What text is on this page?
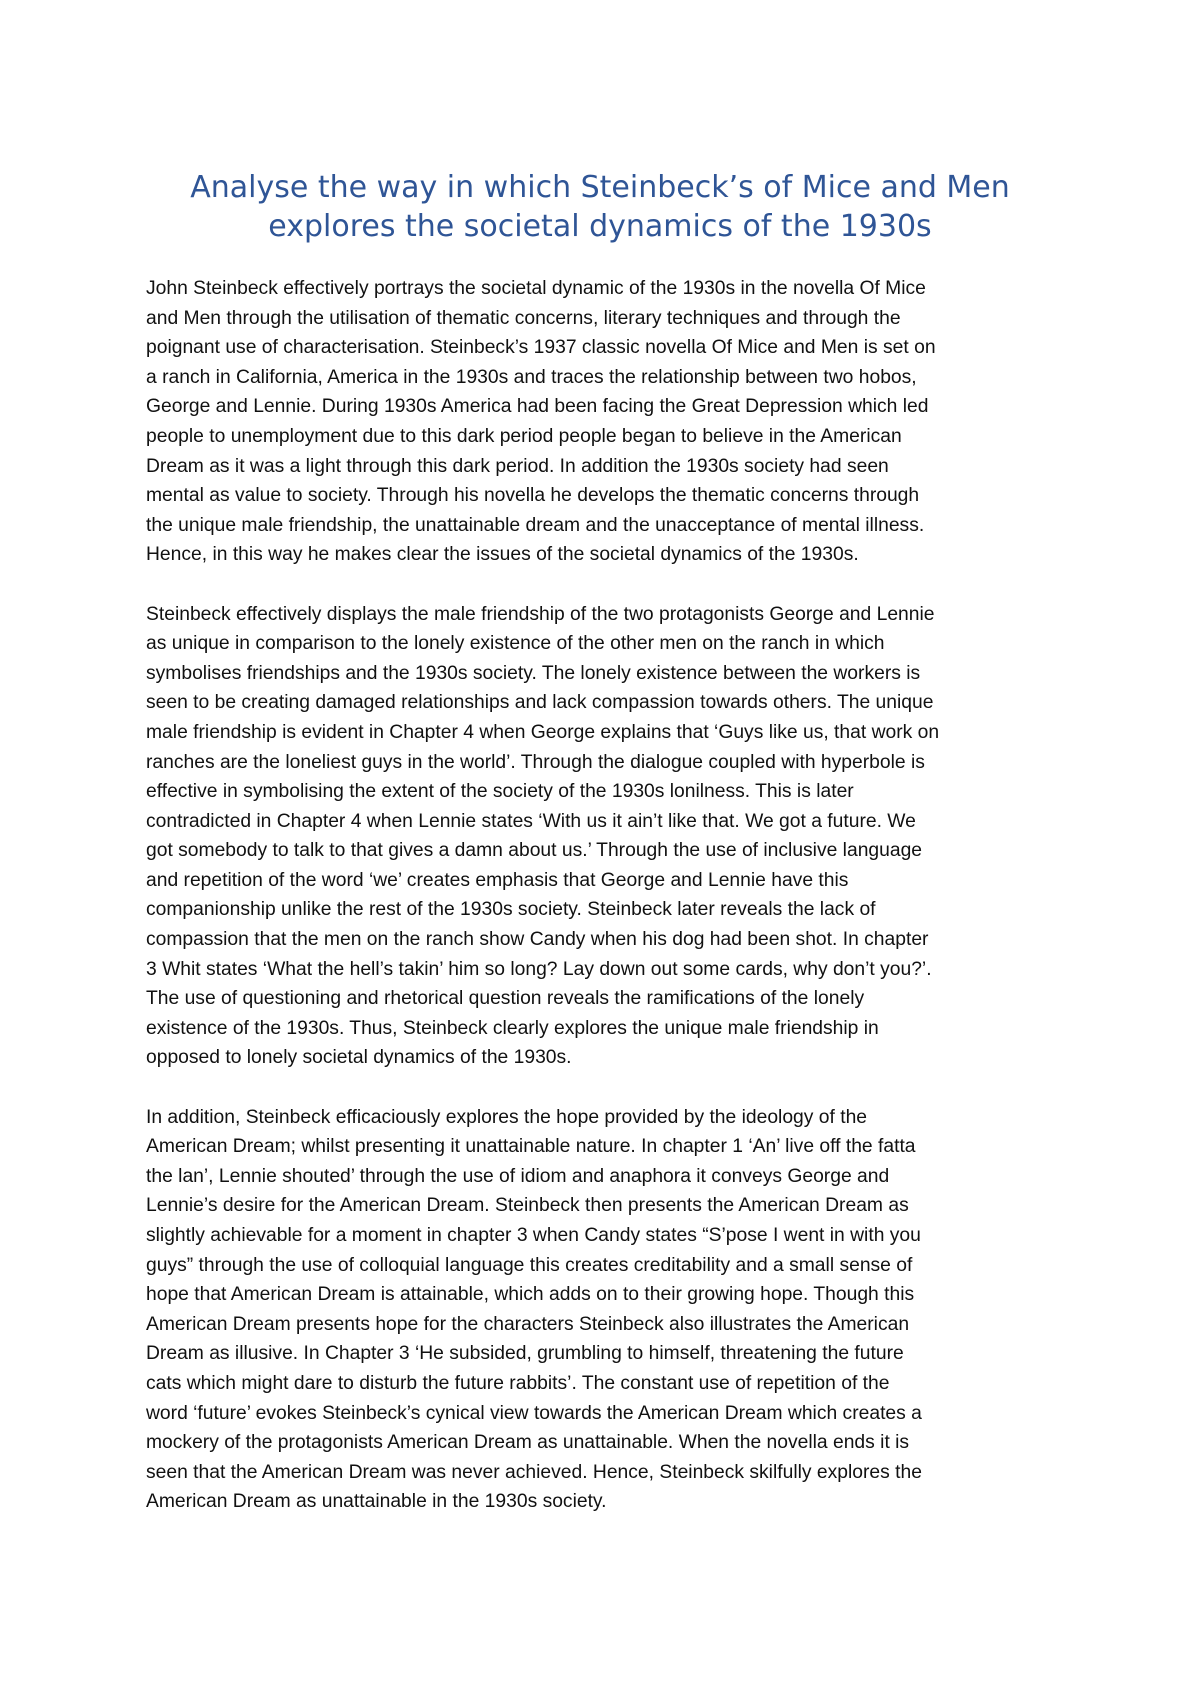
Analyse the way in which Steinbeck’s of Mice and Men
explores the societal dynamics of the 1930s

John Steinbeck effectively portrays the societal dynamic of the 1930s in the novella Of Mice
and Men through the utilisation of thematic concerns, literary techniques and through the
poignant use of characterisation. Steinbeck’s 1937 classic novella Of Mice and Men is set on
a ranch in California, America in the 1930s and traces the relationship between two hobos,
George and Lennie. During 1930s America had been facing the Great Depression which led
people to unemployment due to this dark period people began to believe in the American
Dream as it was a light through this dark period. In addition the 1930s society had seen
mental as value to society. Through his novella he develops the thematic concerns through
the unique male friendship, the unattainable dream and the unacceptance of mental illness.
Hence, in this way he makes clear the issues of the societal dynamics of the 1930s.

Steinbeck effectively displays the male friendship of the two protagonists George and Lennie
as unique in comparison to the lonely existence of the other men on the ranch in which
symbolises friendships and the 1930s society. The lonely existence between the workers is
seen to be creating damaged relationships and lack compassion towards others. The unique
male friendship is evident in Chapter 4 when George explains that ‘Guys like us, that work on
ranches are the loneliest guys in the world’. Through the dialogue coupled with hyperbole is
effective in symbolising the extent of the society of the 1930s lonilness. This is later
contradicted in Chapter 4 when Lennie states ‘With us it ain’t like that. We got a future. We
got somebody to talk to that gives a damn about us.’ Through the use of inclusive language
and repetition of the word ‘we’ creates emphasis that George and Lennie have this
companionship unlike the rest of the 1930s society. Steinbeck later reveals the lack of
compassion that the men on the ranch show Candy when his dog had been shot. In chapter
3 Whit states ‘What the hell’s takin’ him so long? Lay down out some cards, why don’t you?’.
The use of questioning and rhetorical question reveals the ramifications of the lonely
existence of the 1930s. Thus, Steinbeck clearly explores the unique male friendship in
opposed to lonely societal dynamics of the 1930s.

In addition, Steinbeck efficaciously explores the hope provided by the ideology of the
American Dream; whilst presenting it unattainable nature. In chapter 1 ‘An’ live off the fatta
the lan’, Lennie shouted’ through the use of idiom and anaphora it conveys George and
Lennie’s desire for the American Dream. Steinbeck then presents the American Dream as
slightly achievable for a moment in chapter 3 when Candy states “S’pose I went in with you
guys” through the use of colloquial language this creates creditability and a small sense of
hope that American Dream is attainable, which adds on to their growing hope. Though this
American Dream presents hope for the characters Steinbeck also illustrates the American
Dream as illusive. In Chapter 3 ‘He subsided, grumbling to himself, threatening the future
cats which might dare to disturb the future rabbits’. The constant use of repetition of the
word ‘future’ evokes Steinbeck’s cynical view towards the American Dream which creates a
mockery of the protagonists American Dream as unattainable. When the novella ends it is
seen that the American Dream was never achieved. Hence, Steinbeck skilfully explores the
American Dream as unattainable in the 1930s society.
